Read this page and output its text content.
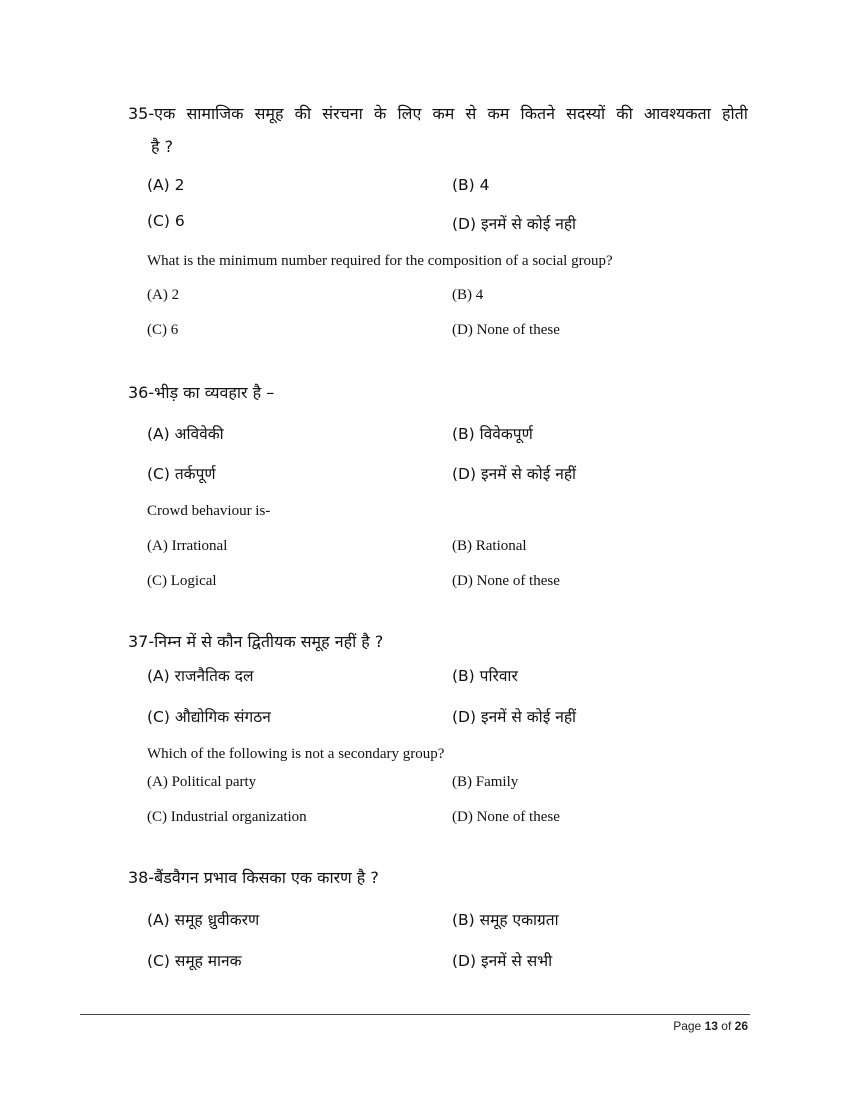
35-एक सामाजिक समूह की संरचना के लिए कम से कम कितने सदस्यों की आवश्यकता होती
है ?
(A) 2	(B) 4
(C) 6	(D) इनमें से कोई नही
What is the minimum number required for the composition of a social group?
(A) 2	(B) 4
(C) 6	(D) None of these
36-भीड़ का व्यवहार है –
(A) अविवेकी	(B) विवेकपूर्ण
(C) तर्कपूर्ण	(D) इनमें से कोई नहीं
Crowd behaviour is-
(A) Irrational	(B) Rational
(C) Logical	(D) None of these
37-निम्न में से कौन द्वितीयक समूह नहीं है ?
(A) राजनैतिक दल	(B) परिवार
(C) औद्योगिक संगठन	(D) इनमें से कोई नहीं
Which of the following is not a secondary group?
(A) Political party	(B) Family
(C) Industrial organization	(D) None of these
38-बैंडवैगन प्रभाव किसका एक कारण है ?
(A) समूह ध्रुवीकरण	(B) समूह एकाग्रता
(C) समूह मानक	(D) इनमें से सभी
Page 13 of 26
